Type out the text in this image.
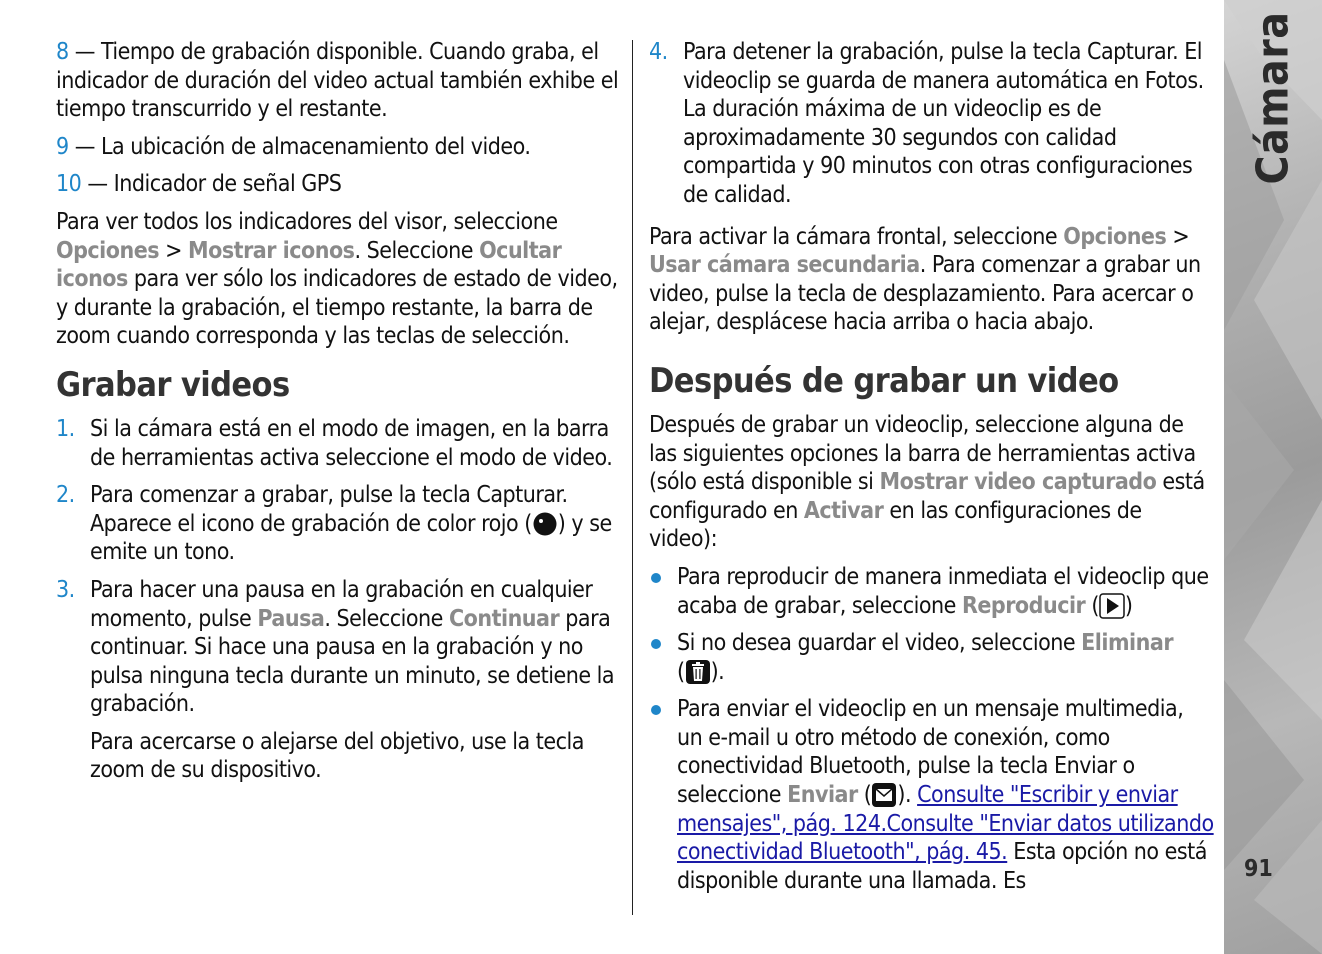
8 — Tiempo de grabación disponible. Cuando graba, el indicador de duración del video actual también exhibe el tiempo transcurrido y el restante.

9 — La ubicación de almacenamiento del video.

10 — Indicador de señal GPS

Para ver todos los indicadores del visor, seleccione Opciones > Mostrar iconos. Seleccione Ocultar iconos para ver sólo los indicadores de estado de video, y durante la grabación, el tiempo restante, la barra de zoom cuando corresponda y las teclas de selección.

Grabar videos
1. Si la cámara está en el modo de imagen, en la barra de herramientas activa seleccione el modo de video.
2. Para comenzar a grabar, pulse la tecla Capturar. Aparece el icono de grabación de color rojo ( ) y se emite un tono.
3. Para hacer una pausa en la grabación en cualquier momento, pulse Pausa. Seleccione Continuar para continuar. Si hace una pausa en la grabación y no pulsa ninguna tecla durante un minuto, se detiene la grabación.
Para acercarse o alejarse del objetivo, use la tecla zoom de su dispositivo.
4. Para detener la grabación, pulse la tecla Capturar. El videoclip se guarda de manera automática en Fotos. La duración máxima de un videoclip es de aproximadamente 30 segundos con calidad compartida y 90 minutos con otras configuraciones de calidad.

Para activar la cámara frontal, seleccione Opciones > Usar cámara secundaria. Para comenzar a grabar un video, pulse la tecla de desplazamiento. Para acercar o alejar, desplácese hacia arriba o hacia abajo.

Después de grabar un video

Después de grabar un videoclip, seleccione alguna de las siguientes opciones la barra de herramientas activa (sólo está disponible si Mostrar video capturado está configurado en Activar en las configuraciones de video):

Para reproducir de manera inmediata el videoclip que acaba de grabar, seleccione Reproducir ( )
Si no desea guardar el video, seleccione Eliminar
( ).
Para enviar el videoclip en un mensaje multimedia, un e-mail u otro método de conexión, como conectividad Bluetooth, pulse la tecla Enviar o seleccione Enviar ( ). Consulte "Escribir y enviar mensajes", pág. 124.Consulte "Enviar datos utilizando conectividad Bluetooth", pág. 45. Esta opción no está disponible durante una llamada. Es
Cámara
91
